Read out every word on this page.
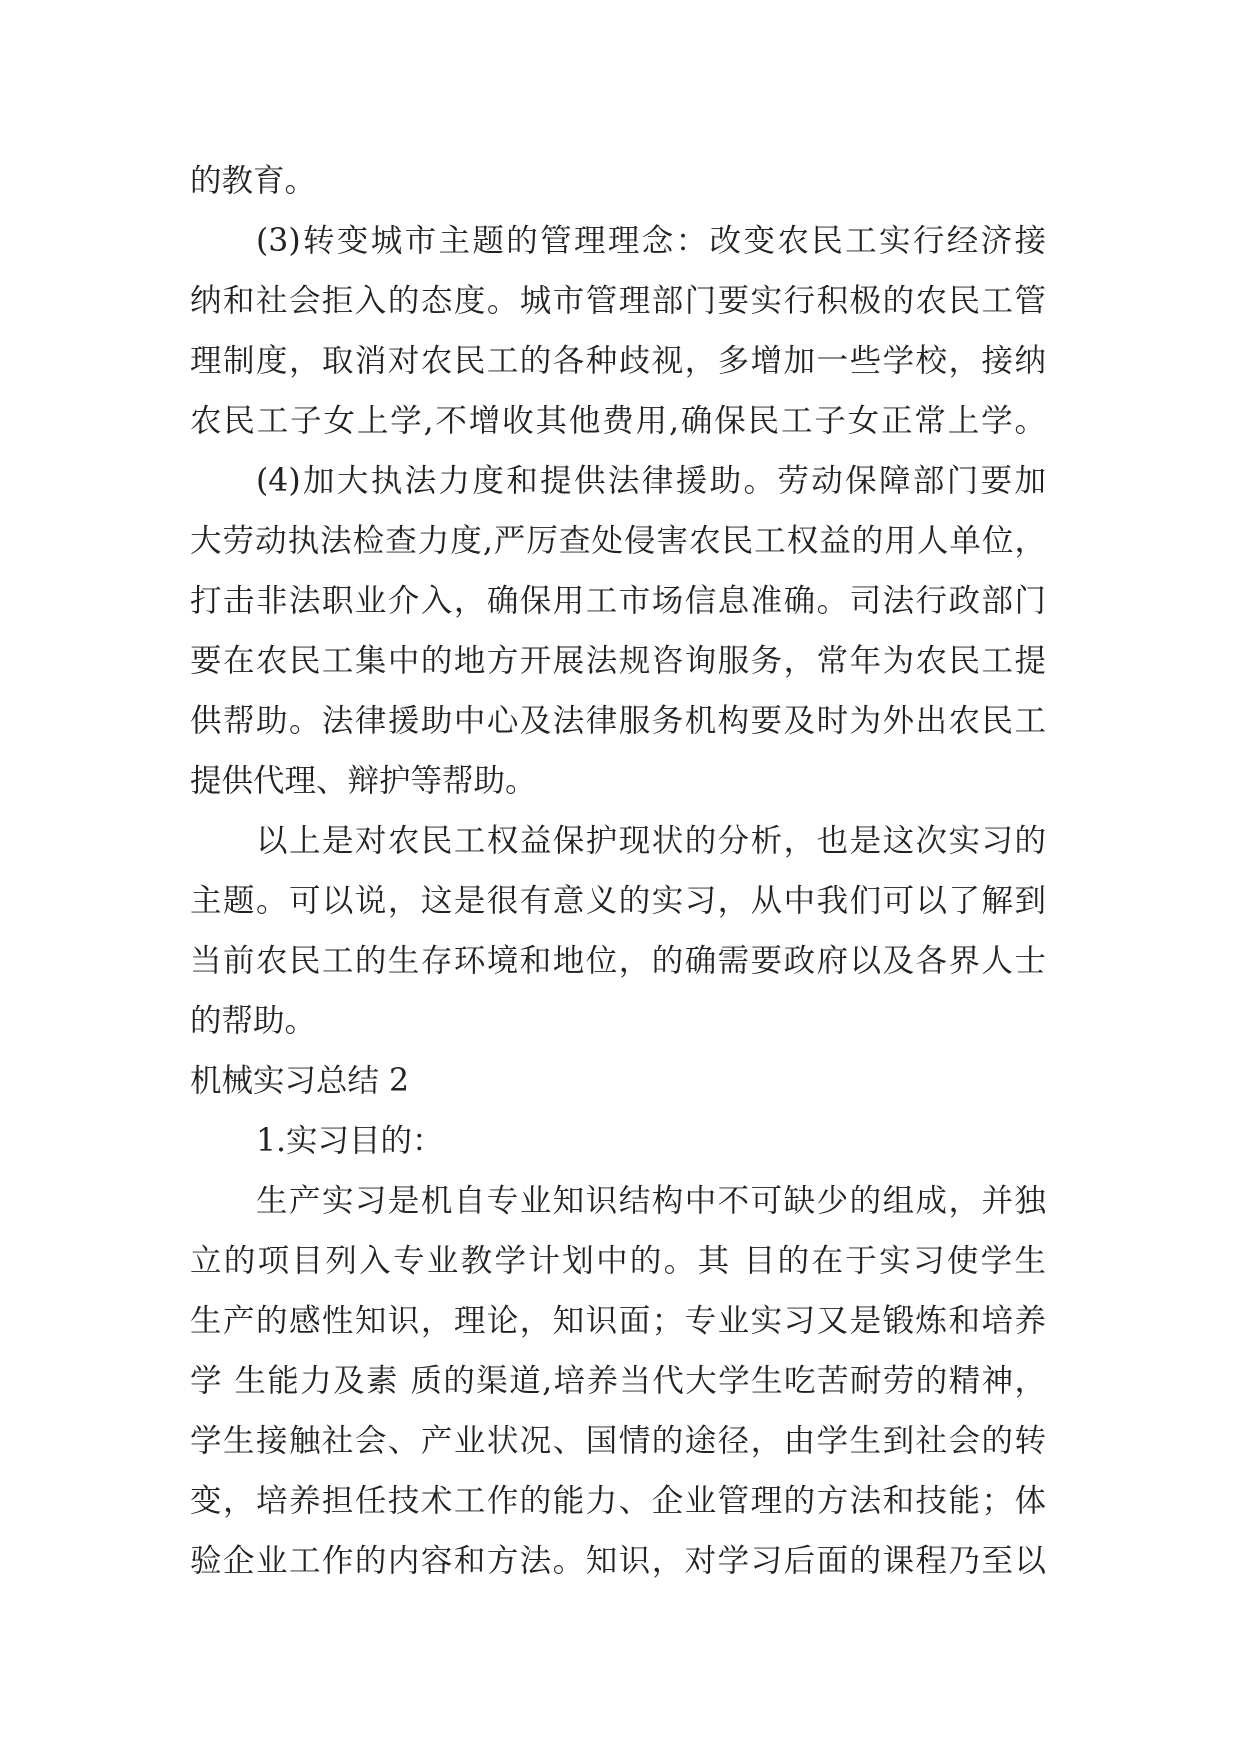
的教育。
(3)转变城市主题的管理理念：改变农民工实行经济接
纳和社会拒入的态度。城市管理部门要实行积极的农民工管
理制度，取消对农民工的各种歧视，多增加一些学校，接纳
农民工子女上学,不增收其他费用,确保民工子女正常上学。
(4)加大执法力度和提供法律援助。劳动保障部门要加
大劳动执法检查力度,严厉查处侵害农民工权益的用人单位，
打击非法职业介入，确保用工市场信息准确。司法行政部门
要在农民工集中的地方开展法规咨询服务，常年为农民工提
供帮助。法律援助中心及法律服务机构要及时为外出农民工
提供代理、辩护等帮助。
以上是对农民工权益保护现状的分析，也是这次实习的
主题。可以说，这是很有意义的实习，从中我们可以了解到
当前农民工的生存环境和地位，的确需要政府以及各界人士
的帮助。
机械实习总结 2
1.实习目的：
生产实习是机自专业知识结构中不可缺少的组成，并独
立的项目列入专业教学计划中的。其 目的在于实习使学生
生产的感性知识，理论，知识面；专业实习又是锻炼和培养
学 生能力及素 质的渠道,培养当代大学生吃苦耐劳的精神，
学生接触社会、产业状况、国情的途径，由学生到社会的转
变，培养担任技术工作的能力、企业管理的方法和技能；体
验企业工作的内容和方法。知识，对学习后面的课程乃至以
